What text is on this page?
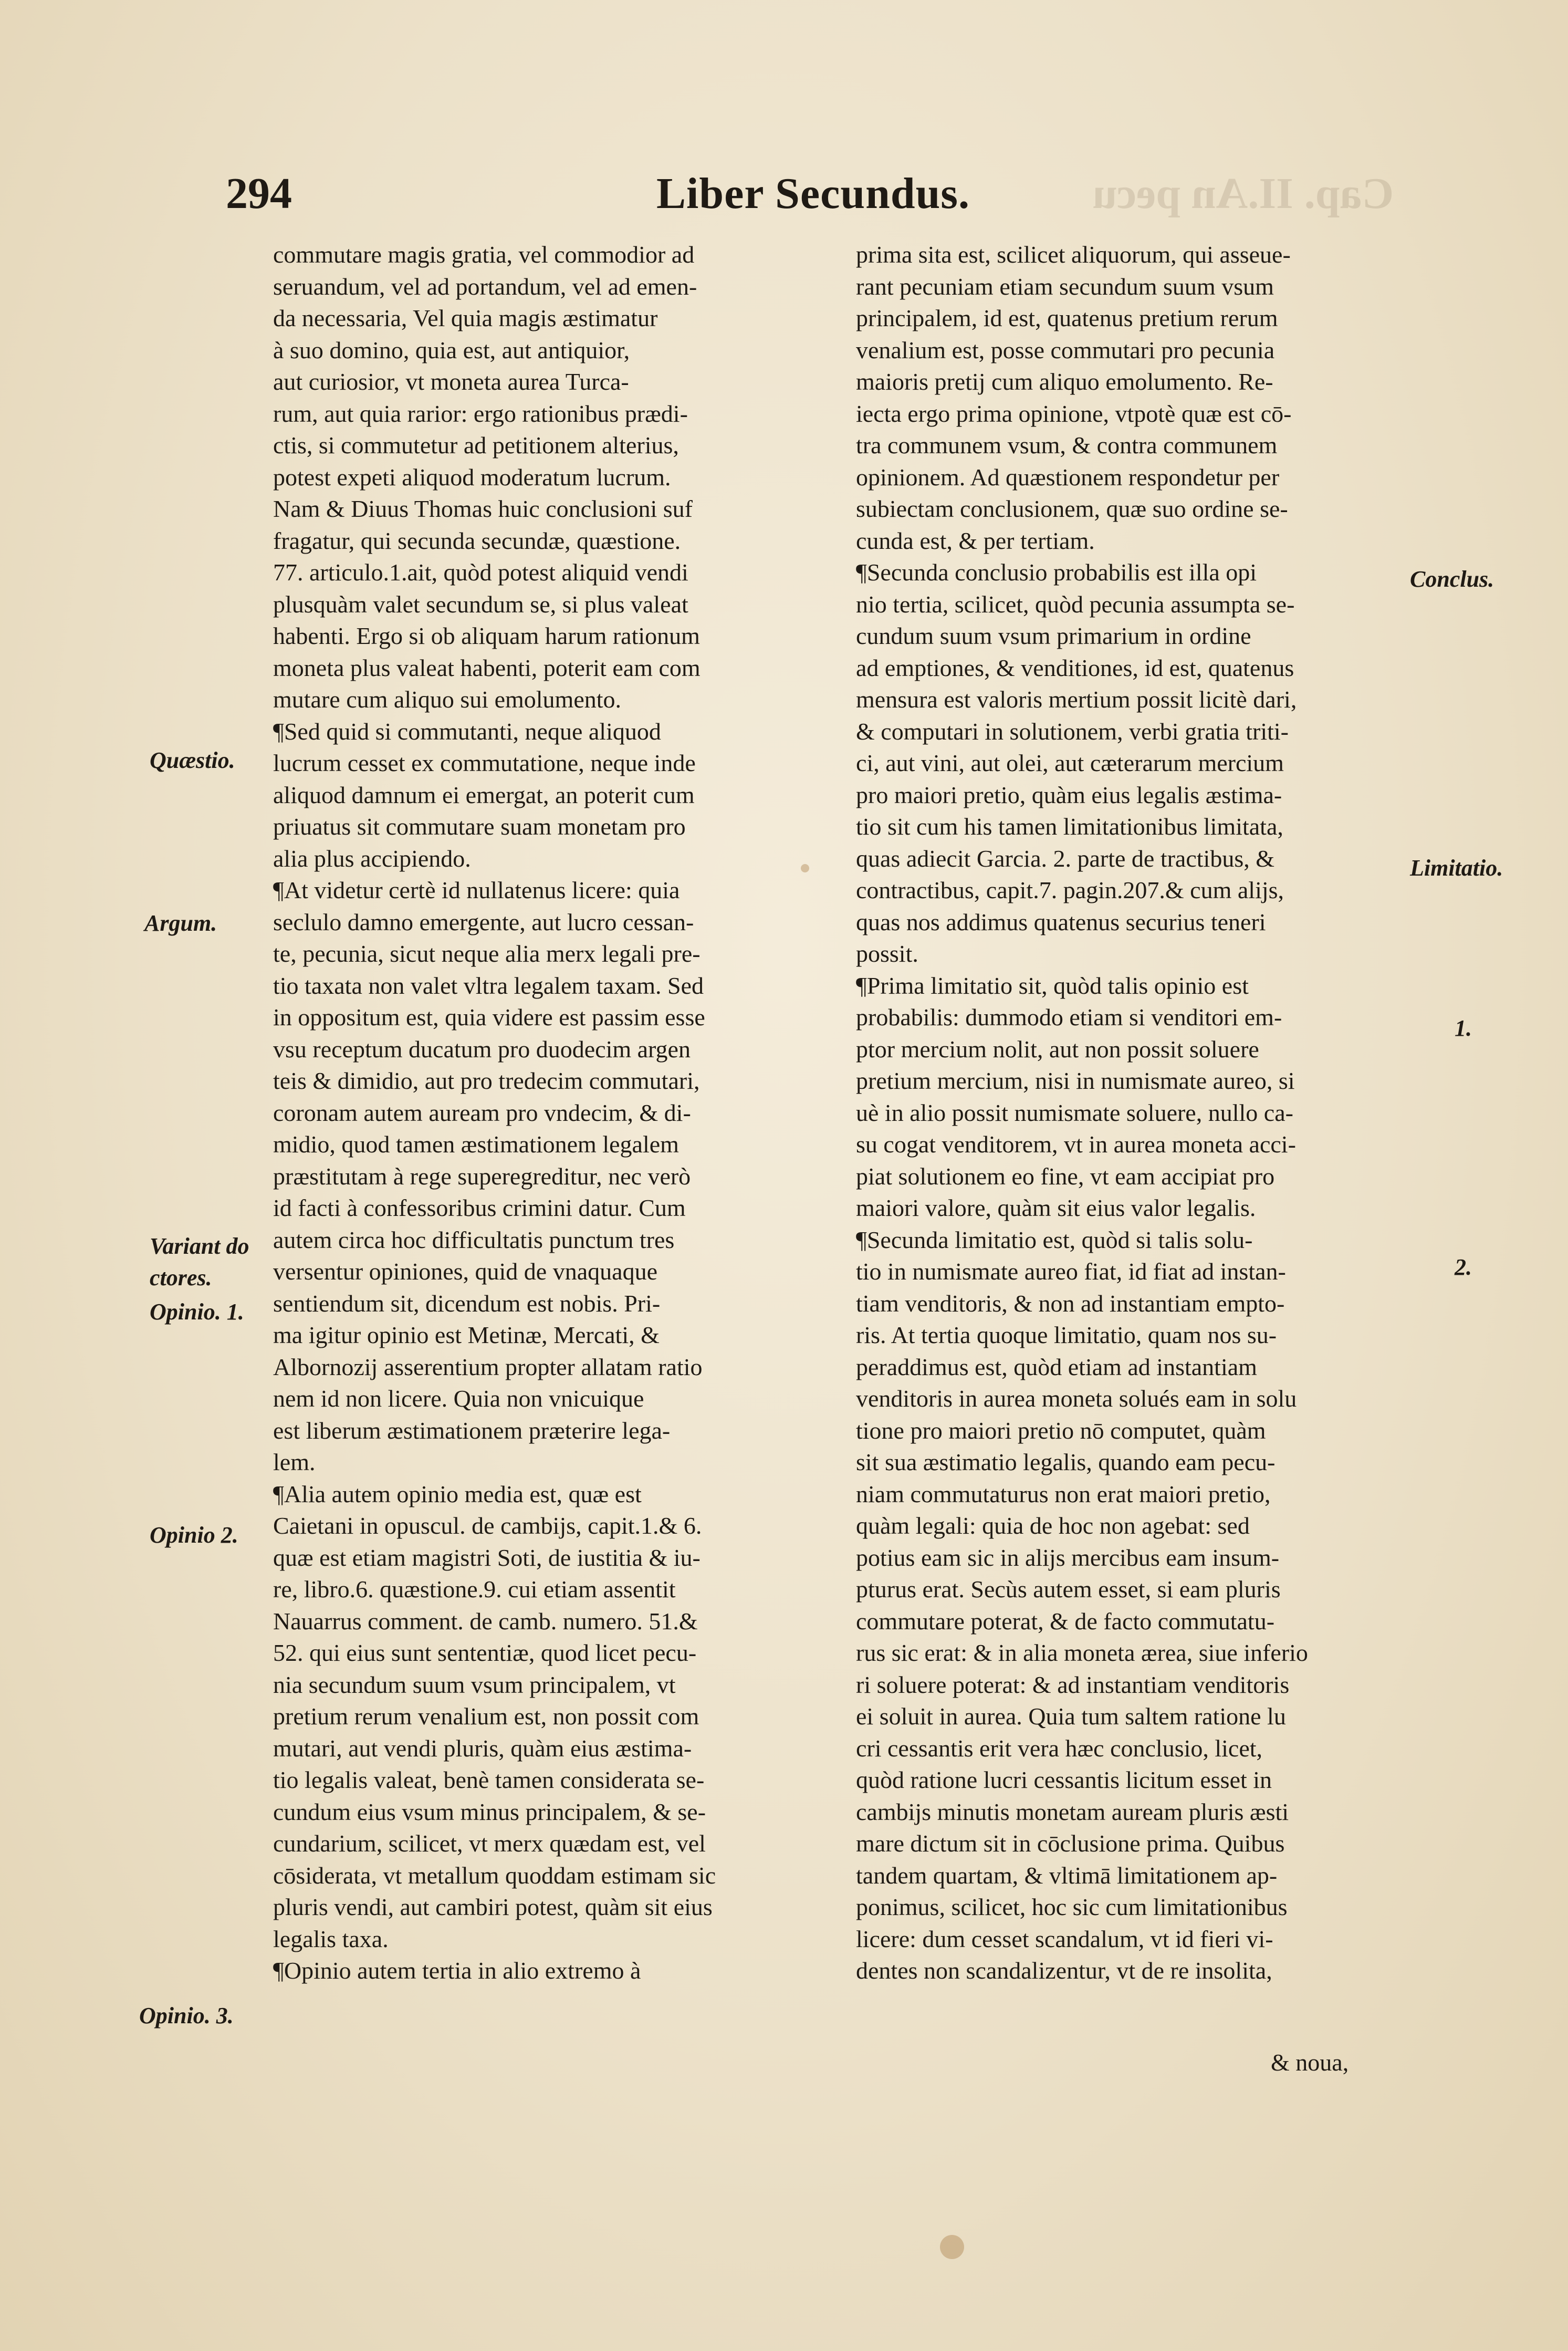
Cap. II.An pecu
294	Liber Secundus.
commutare magis gratia, vel commodior ad
seruandum, vel ad portandum, vel ad emen-
da necessaria, Vel quia magis æstimatur
à suo domino, quia est, aut antiquior,
aut curiosior, vt moneta aurea Turca-
rum, aut quia rarior: ergo rationibus prædi-
ctis, si commutetur ad petitionem alterius,
potest expeti aliquod moderatum lucrum.
Nam & Diuus Thomas huic conclusioni suf
fragatur, qui secunda secundæ, quæstione.
77. articulo.1.ait, quòd potest aliquid vendi
plusquàm valet secundum se, si plus valeat
habenti. Ergo si ob aliquam harum rationum
moneta plus valeat habenti, poterit eam com
mutare cum aliquo sui emolumento.
¶Sed quid si commutanti, neque aliquod
lucrum cesset ex commutatione, neque inde
aliquod damnum ei emergat, an poterit cum
priuatus sit commutare suam monetam pro
alia plus accipiendo.
¶At videtur certè id nullatenus licere: quia
seclulo damno emergente, aut lucro cessan-
te, pecunia, sicut neque alia merx legali pre-
tio taxata non valet vltra legalem taxam. Sed
in oppositum est, quia videre est passim esse
vsu receptum ducatum pro duodecim argen
teis & dimidio, aut pro tredecim commutari,
coronam autem auream pro vndecim, & di-
midio, quod tamen æstimationem legalem
præstitutam à rege superegreditur, nec verò
id facti à confessoribus crimini datur. Cum
autem circa hoc difficultatis punctum tres
versentur opiniones, quid de vnaquaque
sentiendum sit, dicendum est nobis. Pri-
ma igitur opinio est Metinæ, Mercati, &
Albornozij asserentium propter allatam ratio
nem id non licere. Quia non vnicuique
est liberum æstimationem præterire lega-
lem.
¶Alia autem opinio media est, quæ est
Caietani in opuscul. de cambijs, capit.1.& 6.
quæ est etiam magistri Soti, de iustitia & iu-
re, libro.6. quæstione.9. cui etiam assentit
Nauarrus comment. de camb. numero. 51.&
52. qui eius sunt sententiæ, quod licet pecu-
nia secundum suum vsum principalem, vt
pretium rerum venalium est, non possit com
mutari, aut vendi pluris, quàm eius æstima-
tio legalis valeat, benè tamen considerata se-
cundum eius vsum minus principalem, & se-
cundarium, scilicet, vt merx quædam est, vel
cōsiderata, vt metallum quoddam estimam sic
pluris vendi, aut cambiri potest, quàm sit eius
legalis taxa.
¶Opinio autem tertia in alio extremo à
prima sita est, scilicet aliquorum, qui asseue-
rant pecuniam etiam secundum suum vsum
principalem, id est, quatenus pretium rerum
venalium est, posse commutari pro pecunia
maioris pretij cum aliquo emolumento. Re-
iecta ergo prima opinione, vtpotè quæ est cō-
tra communem vsum, & contra communem
opinionem. Ad quæstionem respondetur per
subiectam conclusionem, quæ suo ordine se-
cunda est, & per tertiam.
¶Secunda conclusio probabilis est illa opi
nio tertia, scilicet, quòd pecunia assumpta se-
cundum suum vsum primarium in ordine
ad emptiones, & venditiones, id est, quatenus
mensura est valoris mertium possit licitè dari,
& computari in solutionem, verbi gratia triti-
ci, aut vini, aut olei, aut cæterarum mercium
pro maiori pretio, quàm eius legalis æstima-
tio sit cum his tamen limitationibus limitata,
quas adiecit Garcia. 2. parte de tractibus, &
contractibus, capit.7. pagin.207.& cum alijs,
quas nos addimus quatenus securius teneri
possit.
¶Prima limitatio sit, quòd talis opinio est
probabilis: dummodo etiam si venditori em-
ptor mercium nolit, aut non possit soluere
pretium mercium, nisi in numismate aureo, si
uè in alio possit numismate soluere, nullo ca-
su cogat venditorem, vt in aurea moneta acci-
piat solutionem eo fine, vt eam accipiat pro
maiori valore, quàm sit eius valor legalis.
¶Secunda limitatio est, quòd si talis solu-
tio in numismate aureo fiat, id fiat ad instan-
tiam venditoris, & non ad instantiam empto-
ris. At tertia quoque limitatio, quam nos su-
peraddimus est, quòd etiam ad instantiam
venditoris in aurea moneta solués eam in solu
tione pro maiori pretio nō computet, quàm
sit sua æstimatio legalis, quando eam pecu-
niam commutaturus non erat maiori pretio,
quàm legali: quia de hoc non agebat: sed
potius eam sic in alijs mercibus eam insum-
pturus erat. Secùs autem esset, si eam pluris
commutare poterat, & de facto commutatu-
rus sic erat: & in alia moneta ærea, siue inferio
ri soluere poterat: & ad instantiam venditoris
ei soluit in aurea. Quia tum saltem ratione lu
cri cessantis erit vera hæc conclusio, licet,
quòd ratione lucri cessantis licitum esset in
cambijs minutis monetam auream pluris æsti
mare dictum sit in cōclusione prima. Quibus
tandem quartam, & vltimā limitationem ap-
ponimus, scilicet, hoc sic cum limitationibus
licere: dum cesset scandalum, vt id fieri vi-
dentes non scandalizentur, vt de re insolita,
Quæstio.
Argum.
Variant do
ctores.
Opinio. 1.
Opinio 2.
Opinio. 3.
Conclus.
Limitatio.
1.
2.
& noua,
